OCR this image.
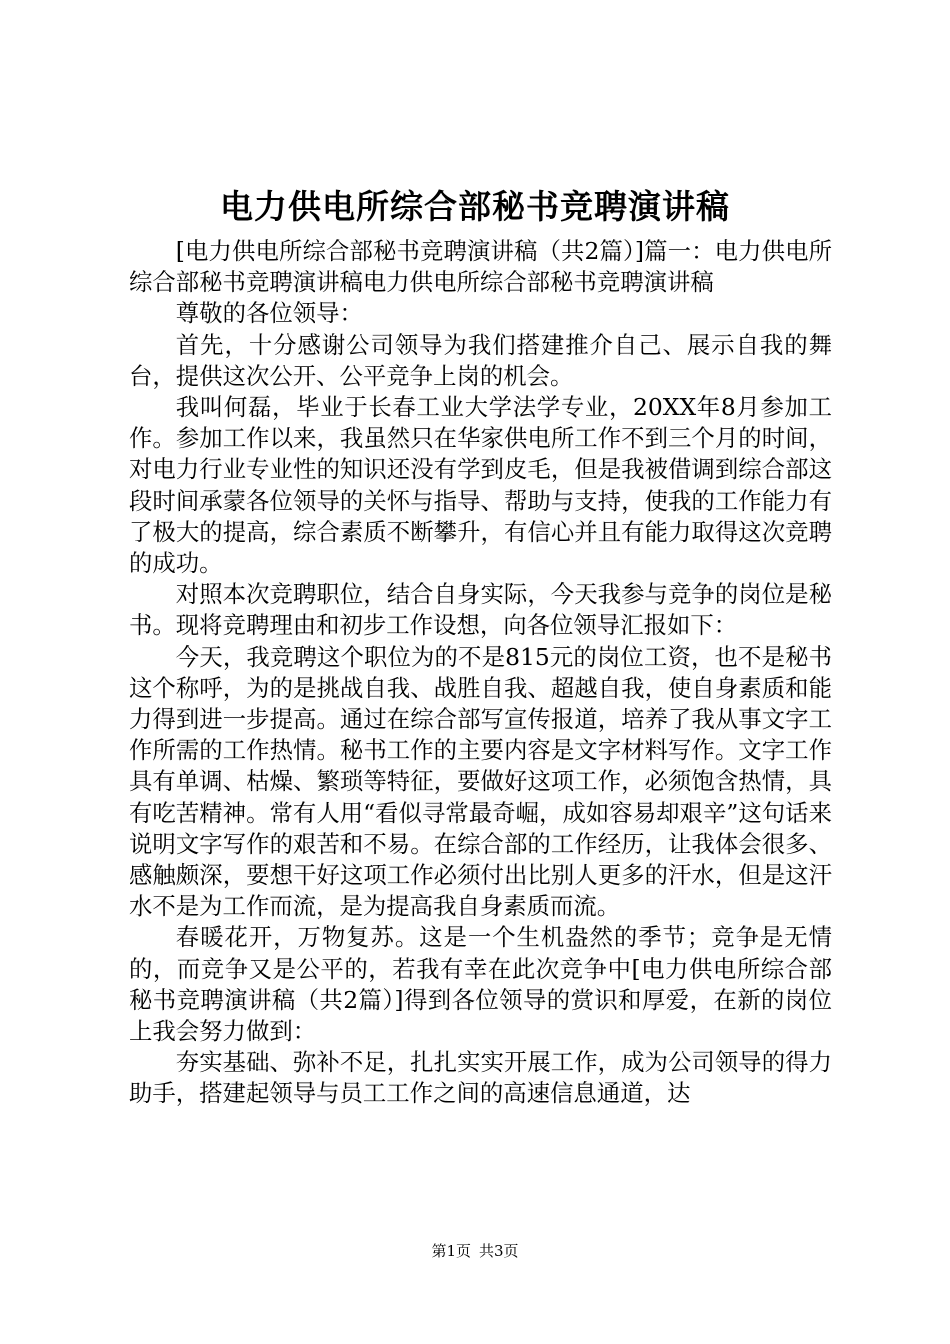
电力供电所综合部秘书竞聘演讲稿

[电力供电所综合部秘书竞聘演讲稿（共2篇）]篇一：电力供电所综合部秘书竞聘演讲稿电力供电所综合部秘书竞聘演讲稿

尊敬的各位领导：

首先，十分感谢公司领导为我们搭建推介自己、展示自我的舞台，提供这次公开、公平竞争上岗的机会。

我叫何磊，毕业于长春工业大学法学专业，20XX年8月参加工作。参加工作以来，我虽然只在华家供电所工作不到三个月的时间，对电力行业专业性的知识还没有学到皮毛，但是我被借调到综合部这段时间承蒙各位领导的关怀与指导、帮助与支持，使我的工作能力有了极大的提高，综合素质不断攀升，有信心并且有能力取得这次竞聘的成功。

对照本次竞聘职位，结合自身实际，今天我参与竞争的岗位是秘书。现将竞聘理由和初步工作设想，向各位领导汇报如下：

今天，我竞聘这个职位为的不是815元的岗位工资，也不是秘书这个称呼，为的是挑战自我、战胜自我、超越自我，使自身素质和能力得到进一步提高。通过在综合部写宣传报道，培养了我从事文字工作所需的工作热情。秘书工作的主要内容是文字材料写作。文字工作具有单调、枯燥、繁琐等特征，要做好这项工作，必须饱含热情，具有吃苦精神。常有人用“看似寻常最奇崛，成如容易却艰辛”这句话来说明文字写作的艰苦和不易。在综合部的工作经历，让我体会很多、感触颇深，要想干好这项工作必须付出比别人更多的汗水，但是这汗水不是为工作而流，是为提高我自身素质而流。

春暖花开，万物复苏。这是一个生机盎然的季节；竞争是无情的，而竞争又是公平的，若我有幸在此次竞争中[电力供电所综合部秘书竞聘演讲稿（共2篇）]得到各位领导的赏识和厚爱，在新的岗位上我会努力做到：

夯实基础、弥补不足，扎扎实实开展工作，成为公司领导的得力助手，搭建起领导与员工工作之间的高速信息通道，达

第1页 共3页
